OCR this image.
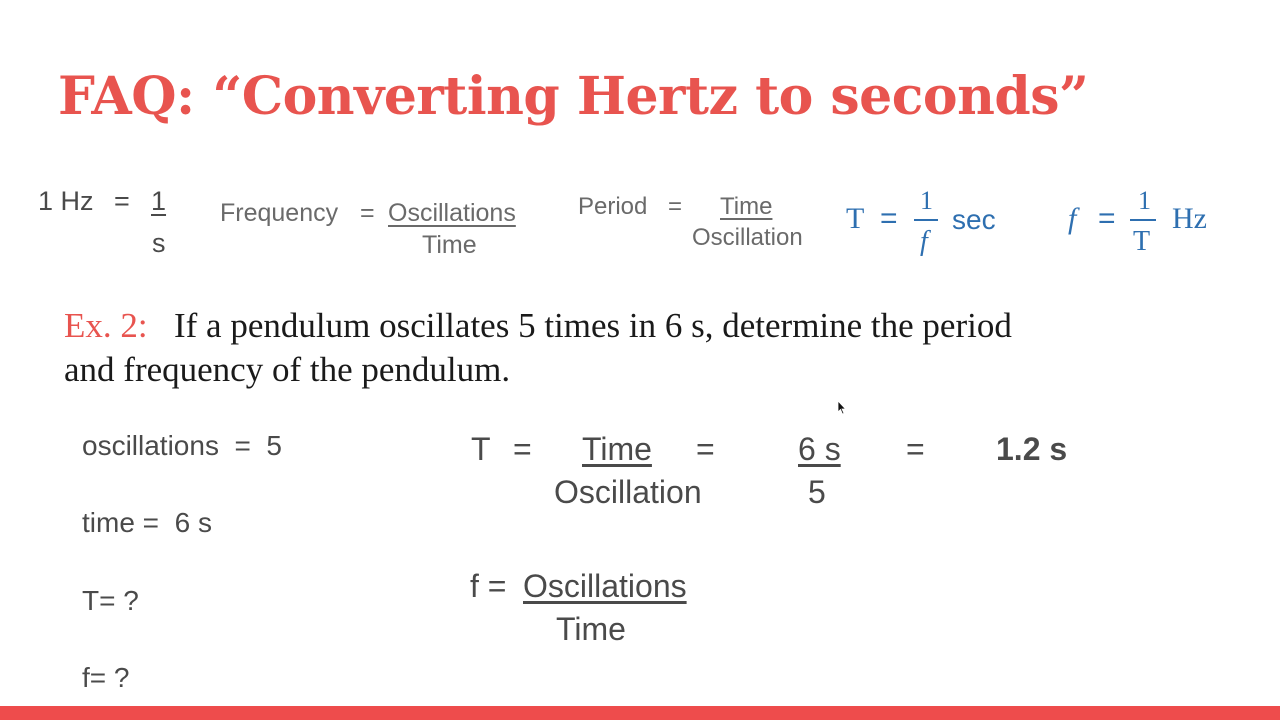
FAQ: “Converting Hertz to seconds”
1 Hz = 1
s
Frequency = Oscillations
Time
Period = Time
Oscillation
T =
1
f
sec f =
1
T
Hz
Ex. 2: If a pendulum oscillates 5 times in 6 s, determine the period
and frequency of the pendulum.
oscillations  =  5
time =  6 s
T= ?
f= ?
T = Time
Oscillation
=	6 s
5
= 1.2 s
f = Oscillations
Time
